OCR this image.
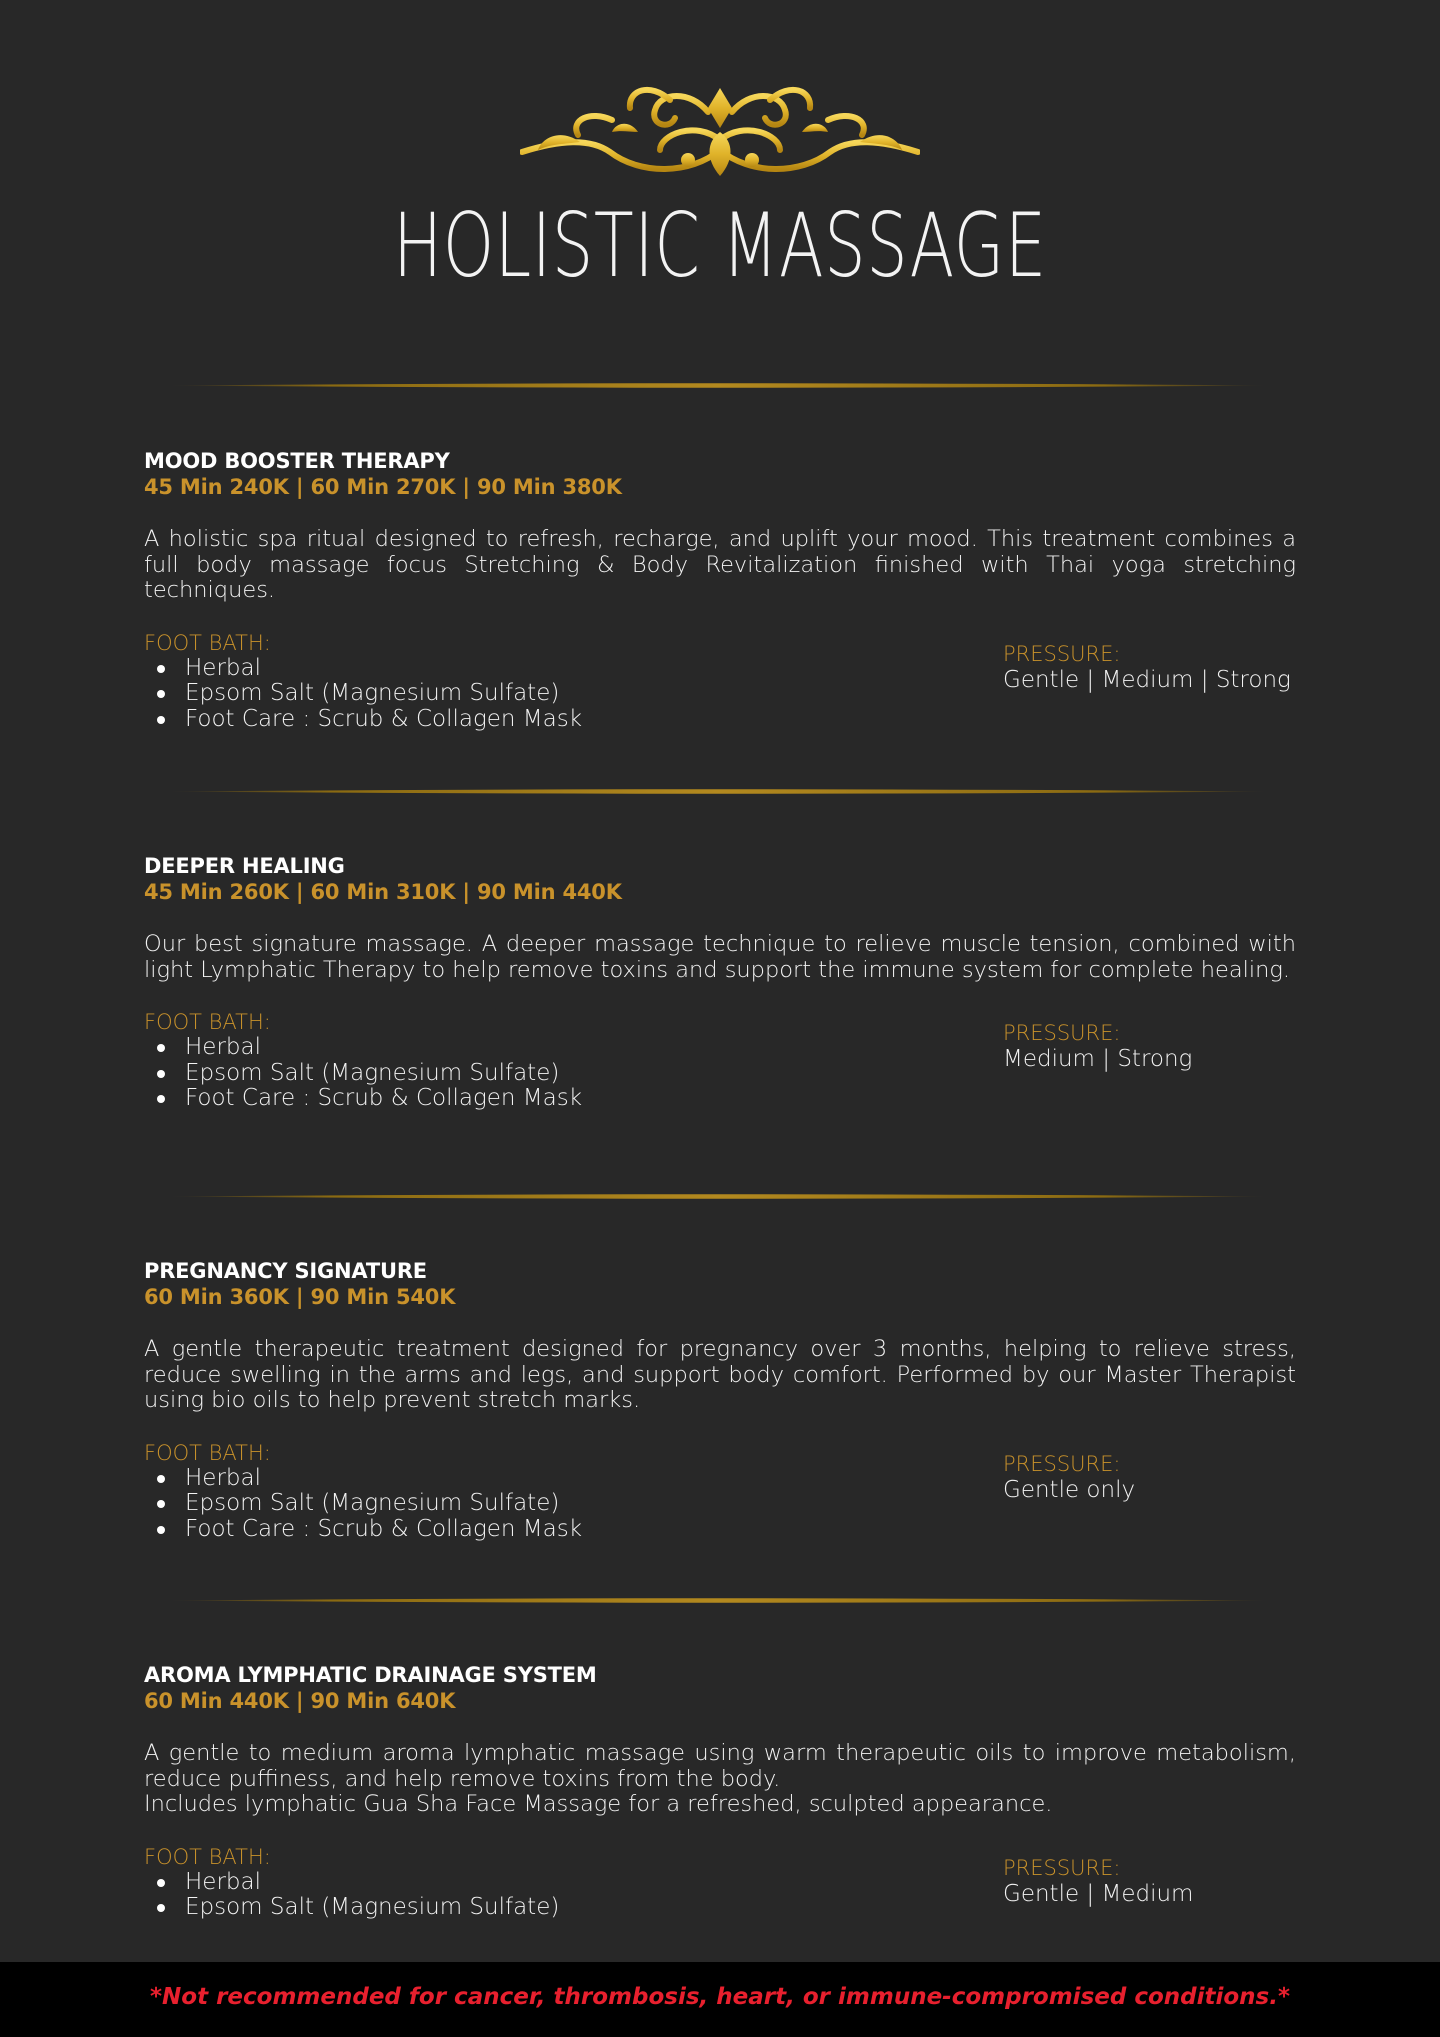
HOLISTIC MASSAGE
MOOD BOOSTER THERAPY
45 Min 240K | 60 Min 270K | 90 Min 380K
A holistic spa ritual designed to refresh, recharge, and uplift your mood. This treatment combines a full body massage focus Stretching & Body Revitalization finished with Thai yoga stretching techniques.
FOOT BATH:
Herbal
Epsom Salt (Magnesium Sulfate)
Foot Care : Scrub & Collagen Mask
PRESSURE:
Gentle | Medium | Strong
DEEPER HEALING
45 Min 260K | 60 Min 310K | 90 Min 440K
Our best signature massage. A deeper massage technique to relieve muscle tension, combined with light Lymphatic Therapy to help remove toxins and support the immune system for complete healing.
FOOT BATH:
Herbal
Epsom Salt (Magnesium Sulfate)
Foot Care : Scrub & Collagen Mask
PRESSURE:
Medium | Strong
PREGNANCY SIGNATURE
60 Min 360K | 90 Min 540K
A gentle therapeutic treatment designed for pregnancy over 3 months, helping to relieve stress, reduce swelling in the arms and legs, and support body comfort. Performed by our Master Therapist using bio oils to help prevent stretch marks.
FOOT BATH:
Herbal
Epsom Salt (Magnesium Sulfate)
Foot Care : Scrub & Collagen Mask
PRESSURE:
Gentle only
AROMA LYMPHATIC DRAINAGE SYSTEM
60 Min 440K | 90 Min 640K
A gentle to medium aroma lymphatic massage using warm therapeutic oils to improve metabolism, reduce puffiness, and help remove toxins from the body.
Includes lymphatic Gua Sha Face Massage for a refreshed, sculpted appearance.
FOOT BATH:
Herbal
Epsom Salt (Magnesium Sulfate)
PRESSURE:
Gentle | Medium
*Not recommended for cancer, thrombosis, heart, or immune-compromised conditions.*
